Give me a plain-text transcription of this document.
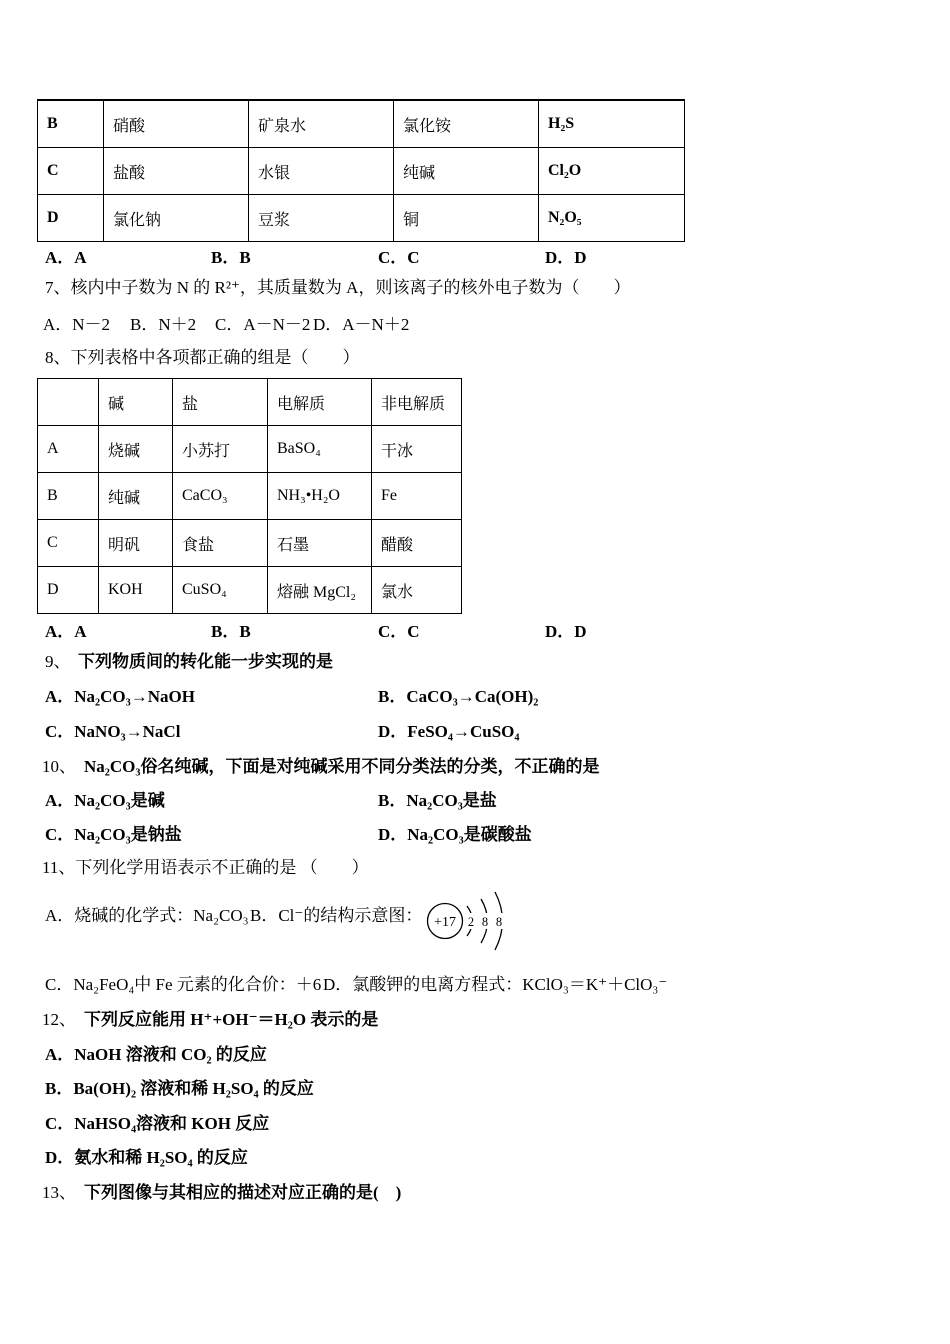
B	硝酸	矿泉水	氯化铵	H₂S
C	盐酸	水银	纯碱	Cl₂O
D	氯化钠	豆浆	铜	N₂O₅
A．A	B．B	C．C	D．D
7、核内中子数为 N 的 R²⁺，其质量数为 A，则该离子的核外电子数为（　　）
A．N－2 B．N＋2 C．A－N－2 D．A－N＋2
8、下列表格中各项都正确的组是（　　）
	碱	盐	电解质	非电解质
A	烧碱	小苏打	BaSO₄	干冰
B	纯碱	CaCO₃	NH₃•H₂O	Fe
C	明矾	食盐	石墨	醋酸
D	KOH	CuSO₄	熔融 MgCl₂	氯水
A．A	B．B	C．C	D．D
9、 下列物质间的转化能一步实现的是
A．Na₂CO₃→NaOH	B．CaCO₃→Ca(OH)₂
C．NaNO₃→NaCl	D．FeSO₄→CuSO₄
10、 Na₂CO₃俗名纯碱，下面是对纯碱采用不同分类法的分类，不正确的是
A．Na₂CO₃是碱	B．Na₂CO₃是盐
C．Na₂CO₃是钠盐	D．Na₂CO₃是碳酸盐
11、下列化学用语表示不正确的是 （　　）
A．烧碱的化学式：Na₂CO₃ B．Cl⁻的结构示意图： +17 2 8 8
C．Na₂FeO₄中 Fe 元素的化合价：＋6 D．氯酸钾的电离方程式：KClO₃＝K⁺＋ClO₃⁻
12、 下列反应能用 H⁺+OH⁻＝H₂O 表示的是
A．NaOH 溶液和 CO₂ 的反应
B．Ba(OH)₂ 溶液和稀 H₂SO₄ 的反应
C．NaHSO₄溶液和 KOH 反应
D．氨水和稀 H₂SO₄ 的反应
13、 下列图像与其相应的描述对应正确的是(　)
